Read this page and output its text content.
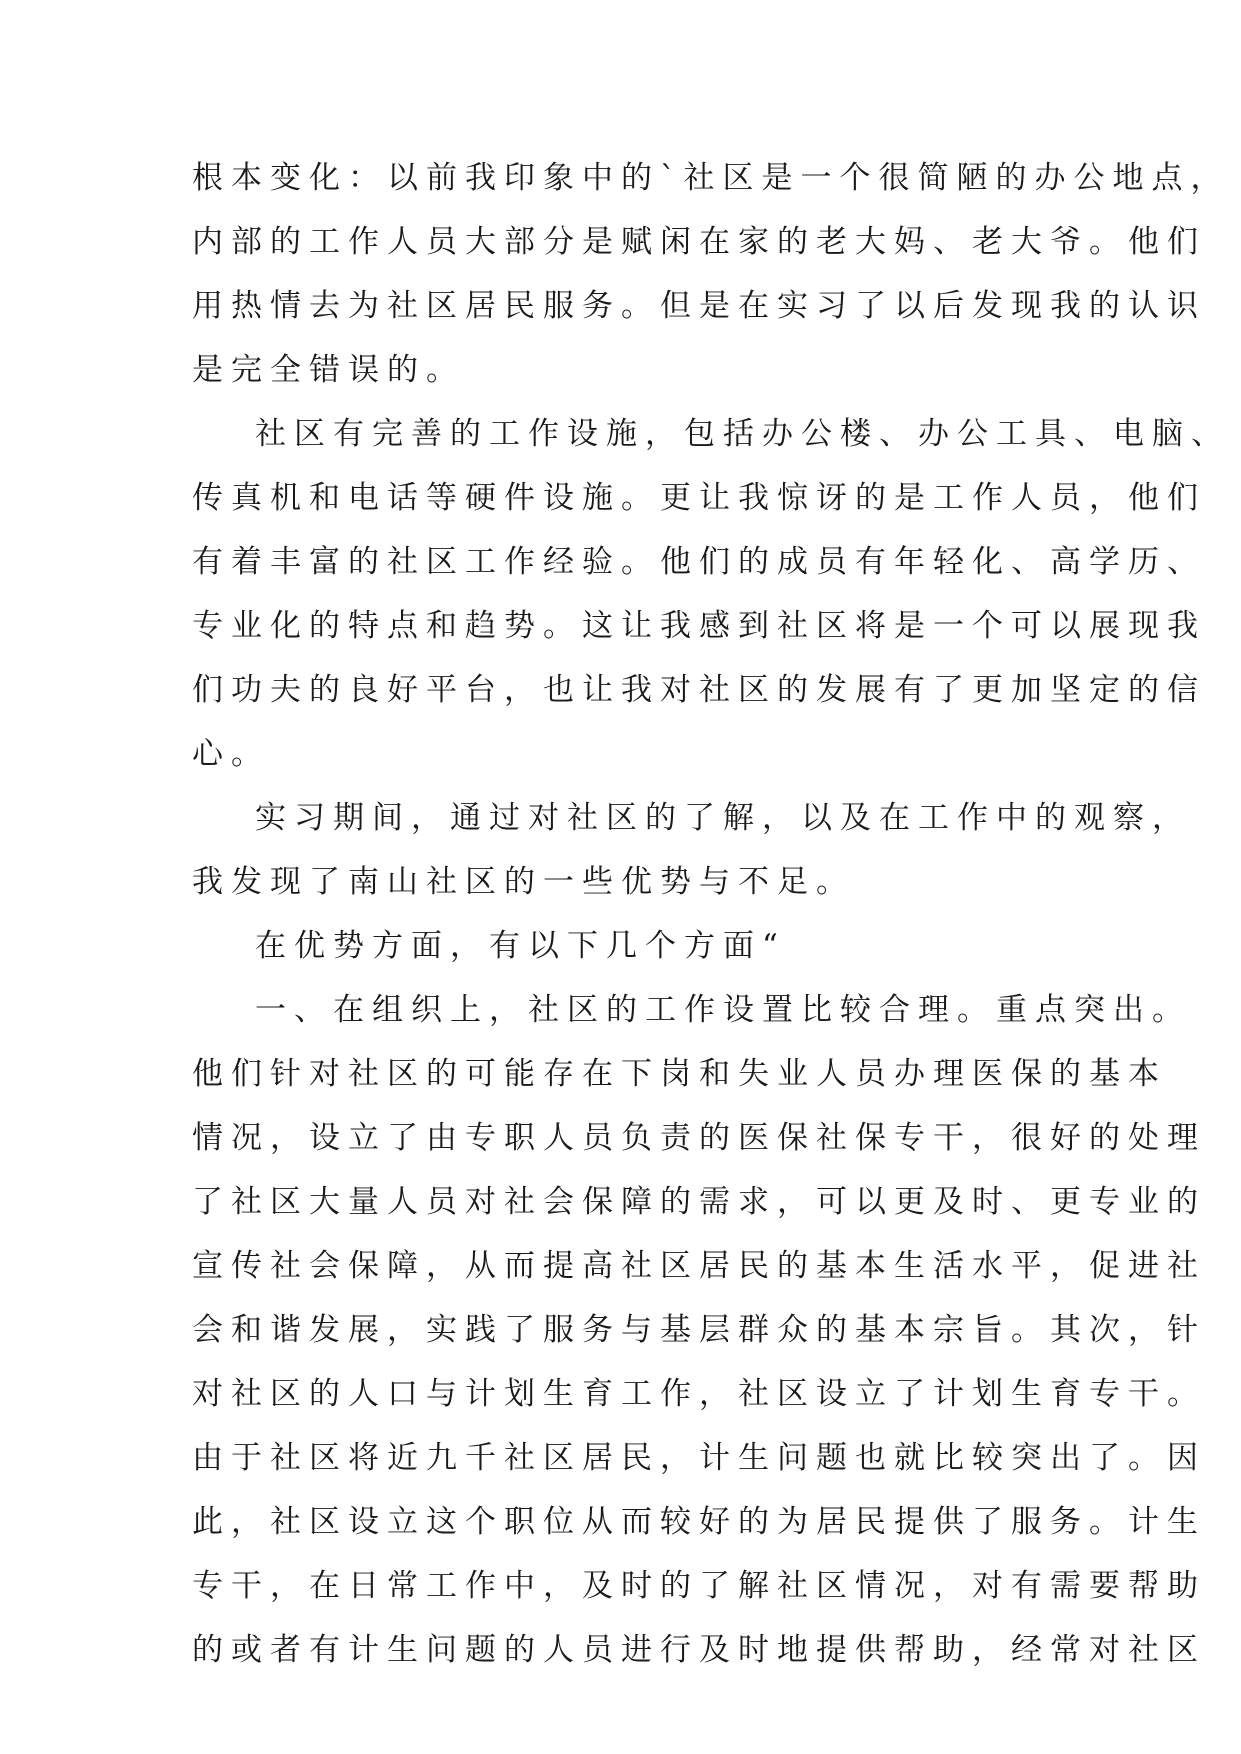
根本变化：以前我印象中的`社区是一个很简陋的办公地点，
内部的工作人员大部分是赋闲在家的老大妈、老大爷。他们
用热情去为社区居民服务。但是在实习了以后发现我的认识
是完全错误的。
社区有完善的工作设施，包括办公楼、办公工具、电脑、
传真机和电话等硬件设施。更让我惊讶的是工作人员，他们
有着丰富的社区工作经验。他们的成员有年轻化、高学历、
专业化的特点和趋势。这让我感到社区将是一个可以展现我
们功夫的良好平台，也让我对社区的发展有了更加坚定的信
心。
实习期间，通过对社区的了解，以及在工作中的观察，
我发现了南山社区的一些优势与不足。
在优势方面，有以下几个方面“
一、在组织上，社区的工作设置比较合理。重点突出。
他们针对社区的可能存在下岗和失业人员办理医保的基本
情况，设立了由专职人员负责的医保社保专干，很好的处理
了社区大量人员对社会保障的需求，可以更及时、更专业的
宣传社会保障，从而提高社区居民的基本生活水平，促进社
会和谐发展，实践了服务与基层群众的基本宗旨。其次，针
对社区的人口与计划生育工作，社区设立了计划生育专干。
由于社区将近九千社区居民，计生问题也就比较突出了。因
此，社区设立这个职位从而较好的为居民提供了服务。计生
专干，在日常工作中，及时的了解社区情况，对有需要帮助
的或者有计生问题的人员进行及时地提供帮助，经常对社区
